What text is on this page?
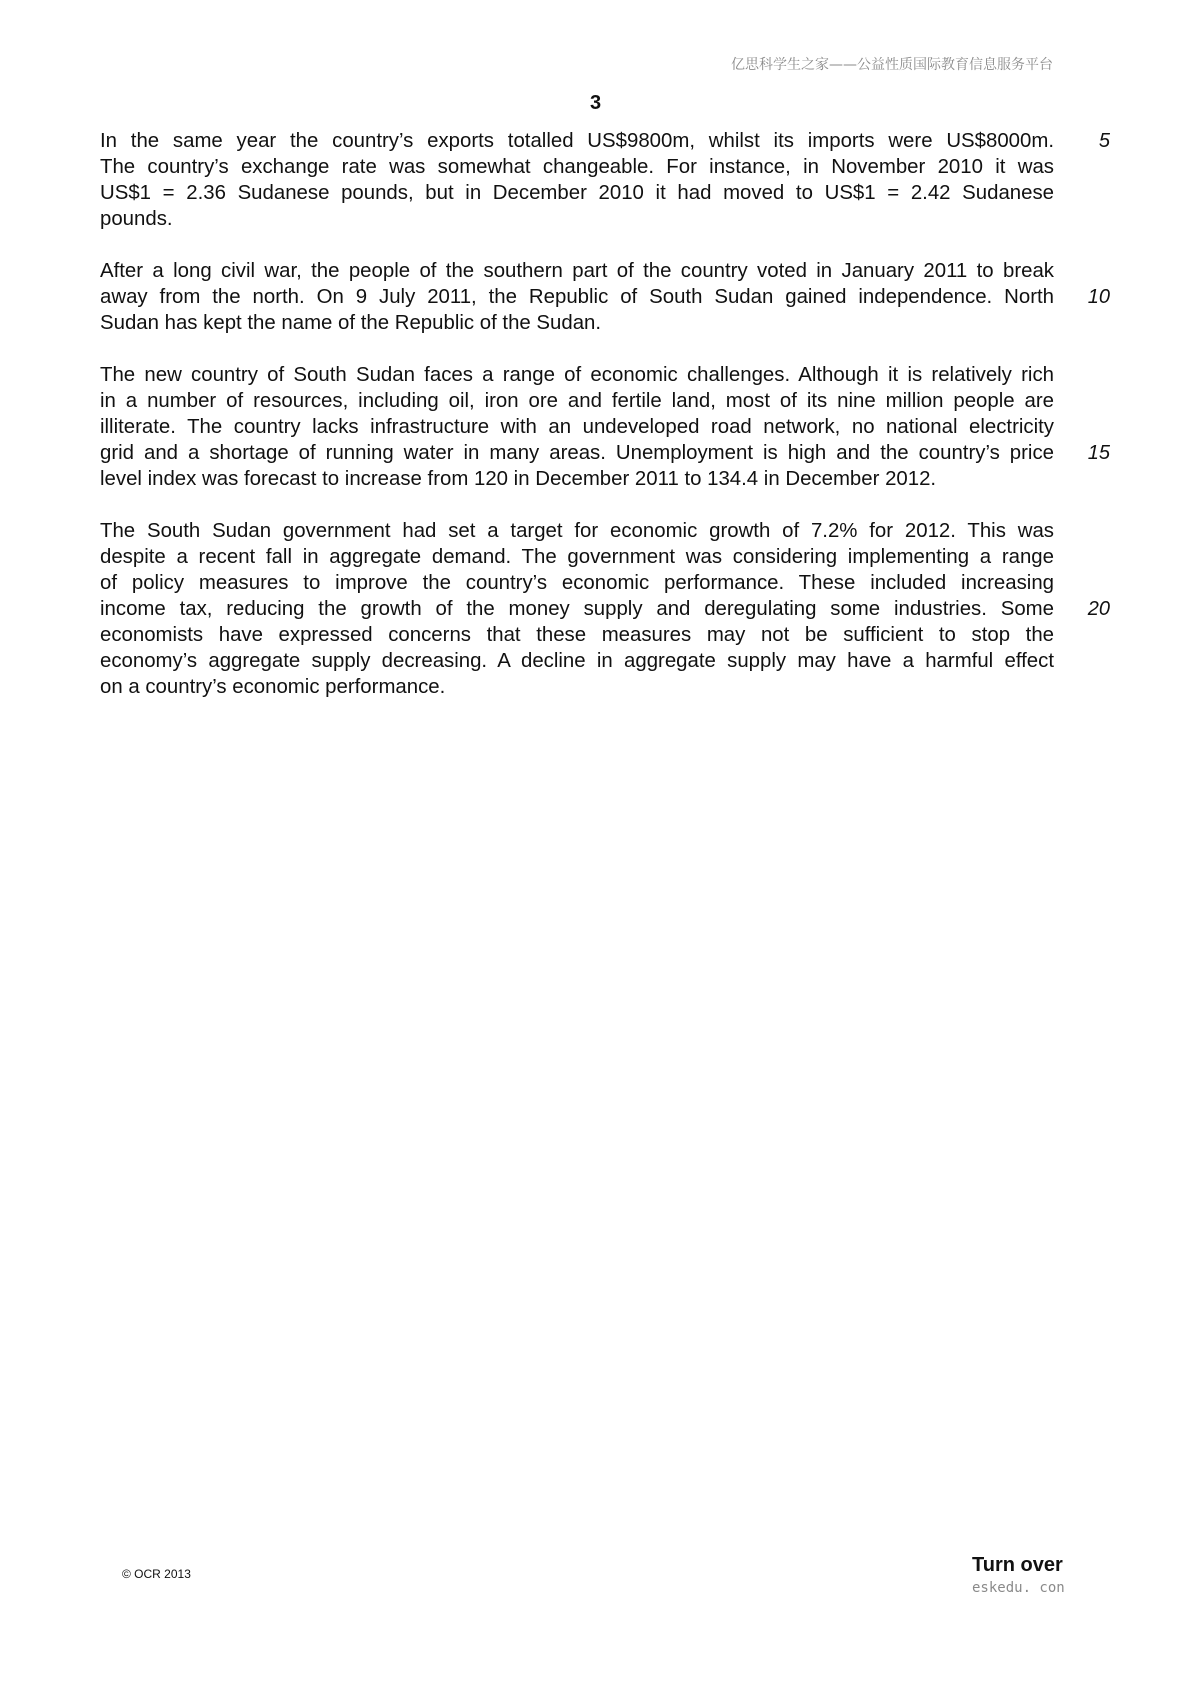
亿思科学生之家——公益性质国际教育信息服务平台
3
5
In the same year the country’s exports totalled US$9800m, whilst its imports were US$8000m.
The country’s exchange rate was somewhat changeable. For instance, in November 2010 it was
US$1 = 2.36 Sudanese pounds, but in December 2010 it had moved to US$1 = 2.42 Sudanese
pounds.
10
After a long civil war, the people of the southern part of the country voted in January 2011 to break
away from the north. On 9 July 2011, the Republic of South Sudan gained independence. North
Sudan has kept the name of the Republic of the Sudan.
15
The new country of South Sudan faces a range of economic challenges. Although it is relatively rich
in a number of resources, including oil, iron ore and fertile land, most of its nine million people are
illiterate. The country lacks infrastructure with an undeveloped road network, no national electricity
grid and a shortage of running water in many areas. Unemployment is high and the country’s price
level index was forecast to increase from 120 in December 2011 to 134.4 in December 2012.
20
The South Sudan government had set a target for economic growth of 7.2% for 2012. This was
despite a recent fall in aggregate demand. The government was considering implementing a range
of policy measures to improve the country’s economic performance. These included increasing
income tax, reducing the growth of the money supply and deregulating some industries. Some
economists have expressed concerns that these measures may not be sufficient to stop the
economy’s aggregate supply decreasing. A decline in aggregate supply may have a harmful effect
on a country’s economic performance.
© OCR 2013	Turn over
eskedu. con
